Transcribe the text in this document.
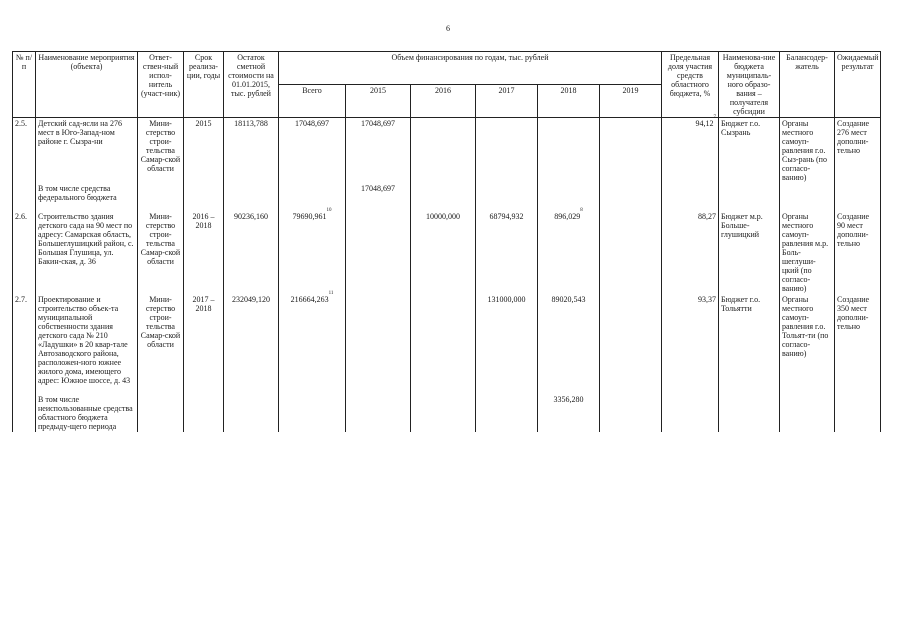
6
№ п/п	Наименование мероприятия (объекта)	Ответ-ствен-ный испол-нитель (участ-ник)	Срок реализа-ции, годы	Остаток сметной стоимости на 01.01.2015, тыс. рублей	Объем финансирования по годам, тыс. рублей						Предельная доля участия средств областного бюджета, %	Наименова-ние бюджета муниципаль-ного образо-вания – получателя субсидии	Балансодер-жатель	Ожидаемый результат
					Всего	2015	2016	2017	2018	2019				
2.5.	Детский сад-ясли на 276 мест в Юго-Запад-ном районе г. Сызра-ни	Мини-стерство строи-тельства Самар-ской области	2015	18113,788	17048,697	17048,697					94,12$^7$	Бюджет г.о. Сызрань	Органы местного самоуп-равления г.о. Сыз-рань (по согласо-ванию)	Создание 276 мест дополни-тельно
	В том числе средства федерального бюджета					17048,697								

2.6.	Строительство здания детского сада на 90 мест по адресу: Самарская область, Большеглушицкий район, с. Большая Глушица, ул. Бакин-ская, д. 36	Мини-стерство строи-тельства Самар-ской области	2016 – 2018	90236,160	79690,961$^{10}$		10000,000	68794,932	896,029$^8$		88,27	Бюджет м.р. Больше-глушицкий	Органы местного самоуп-равления м.р. Боль-шеглуши-цкий (по согласо-ванию)	Создание 90 мест дополни-тельно
2.7.	Проектирование и строительство объек-та муниципальной собственности здания детского сада № 210 «Ладушки» в 20 квар-тале Автозаводского района, расположен-ного южнее жилого дома, имеющего адрес: Южное шоссе, д. 43	Мини-стерство строи-тельства Самар-ской области	2017 – 2018	232049,120	216664,263$^{11}$			131000,000	89020,543		93,37	Бюджет г.о. Тольятти	Органы местного самоуп-равления г.о. Тольят-ти (по согласо-ванию)	Создание 350 мест дополни-тельно

	В том числе неиспользованные средства областного бюджета предыду-щего периода								3356,280					
